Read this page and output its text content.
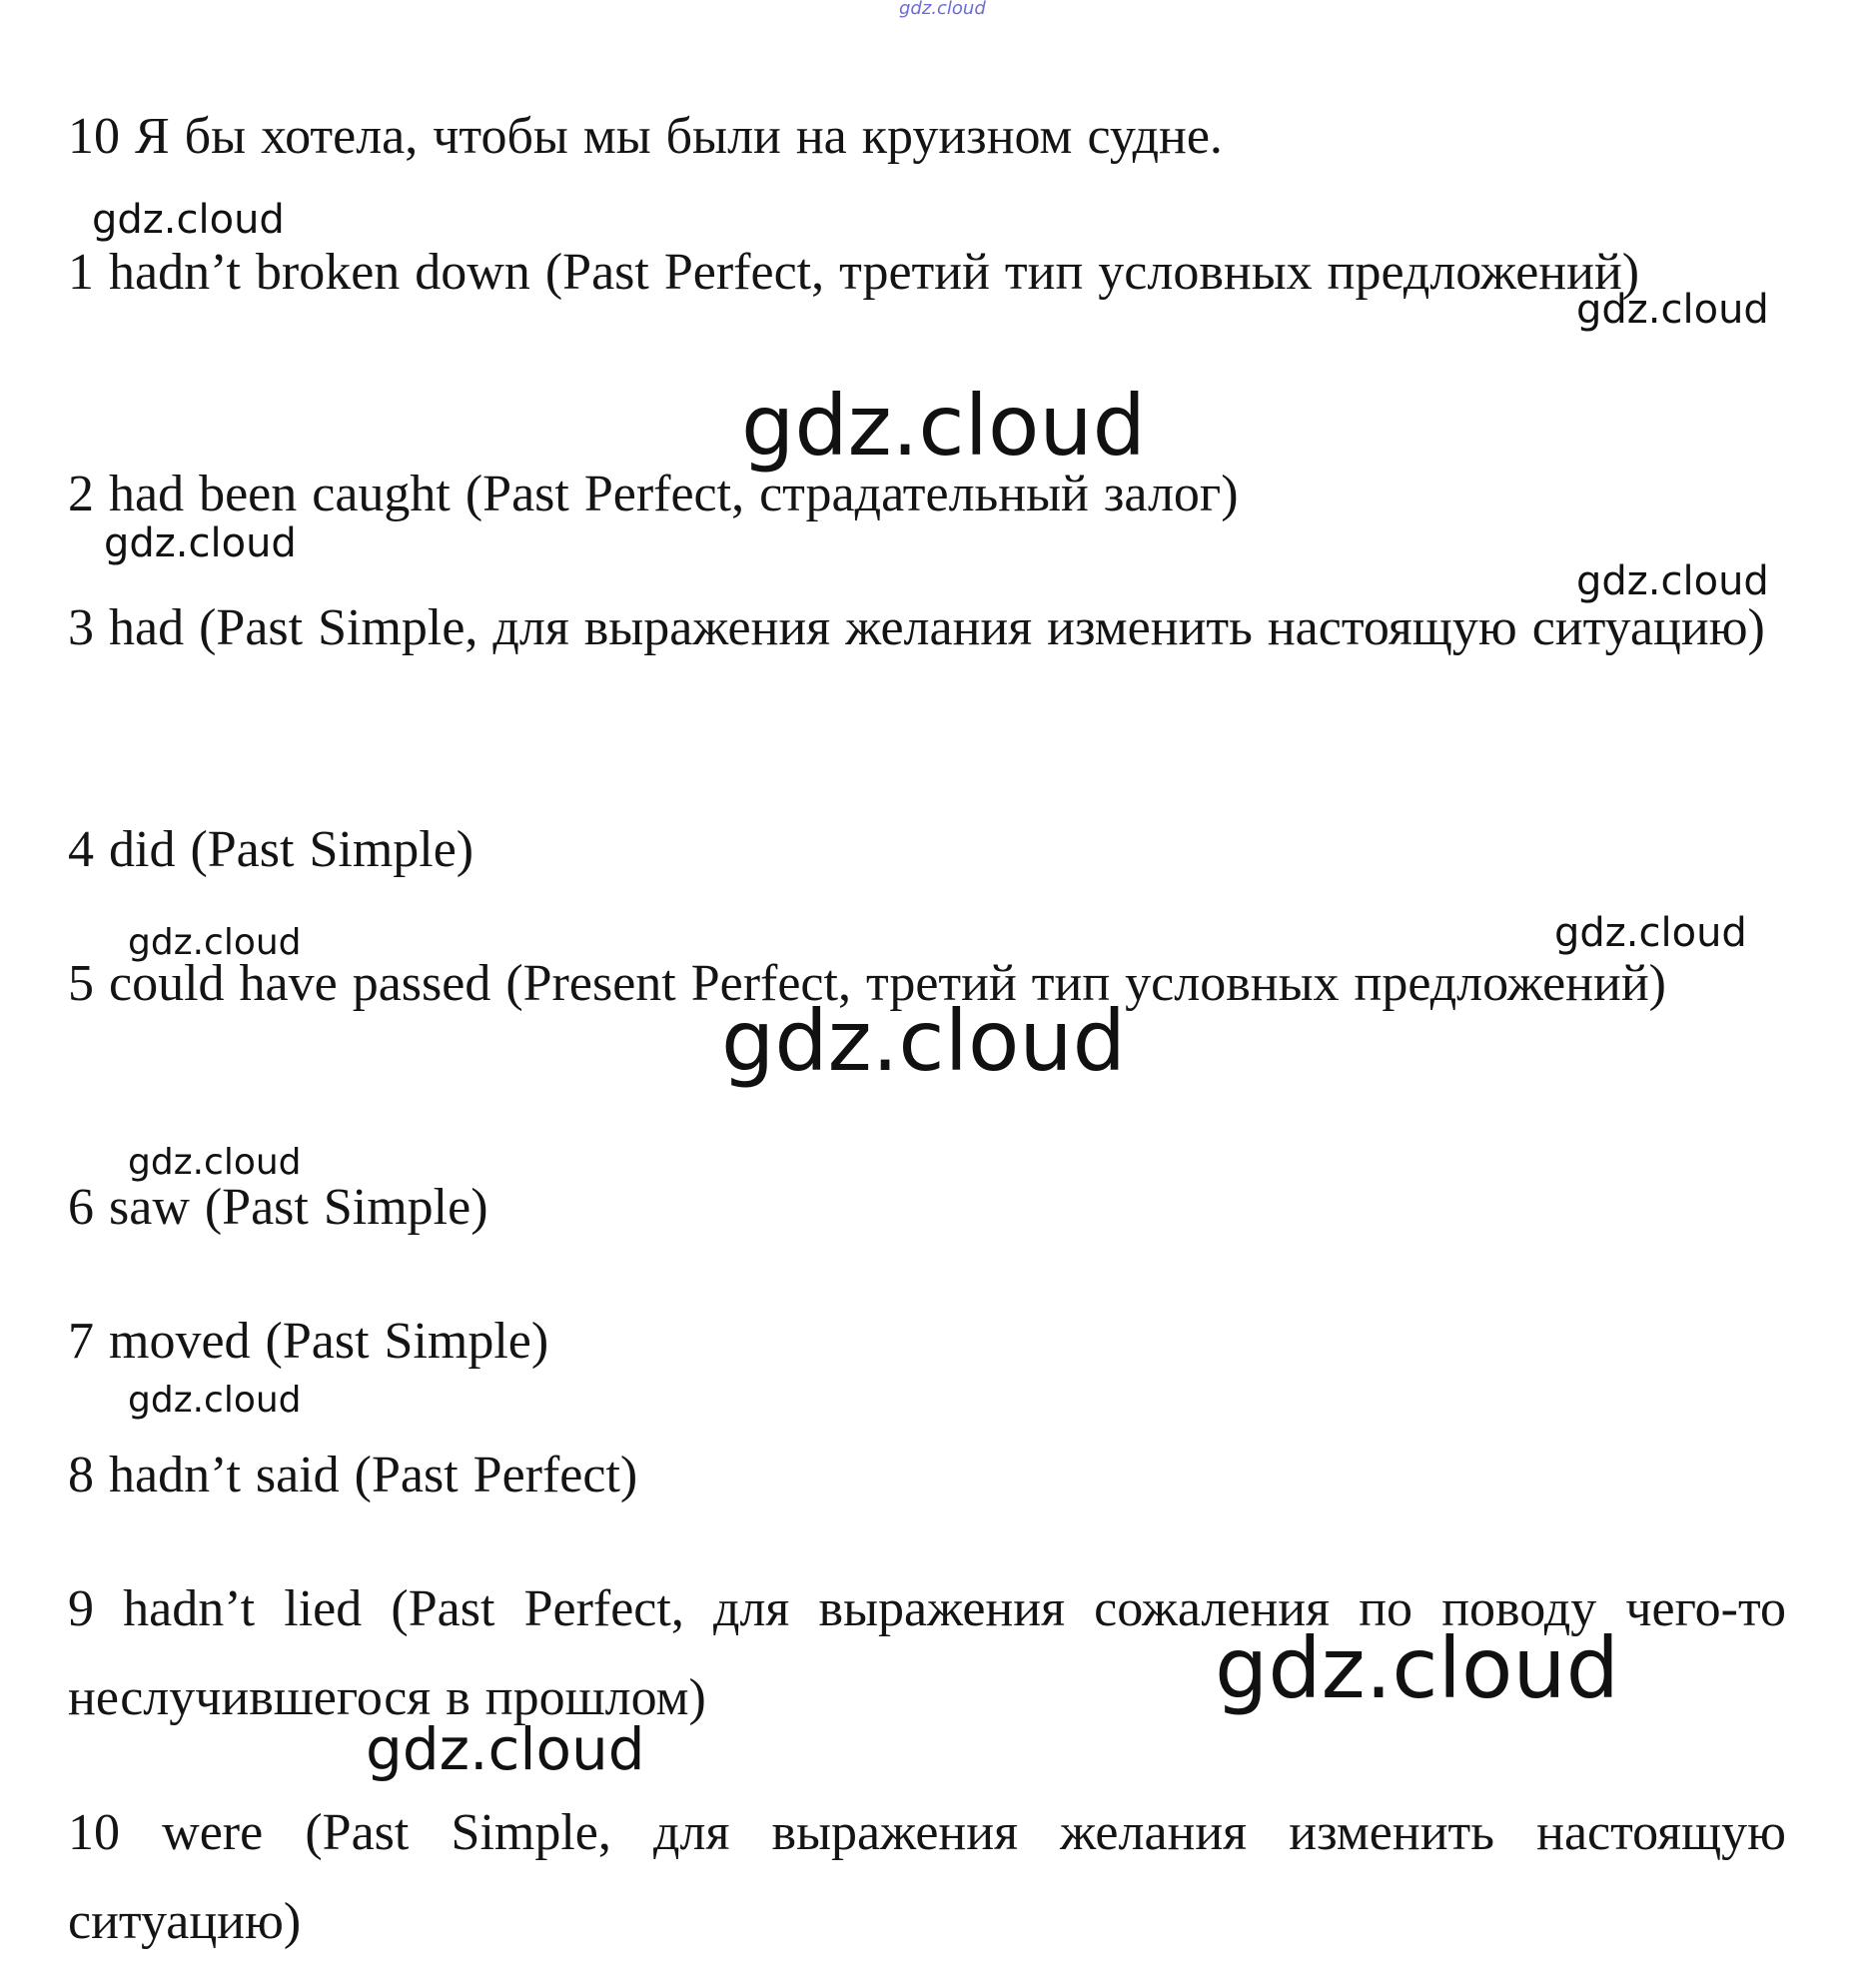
gdz.cloud

10 Я бы хотела, чтобы мы были на круизном судне.

1 hadn’t broken down (Past Perfect, третий тип условных предложений)

2 had been caught (Past Perfect, страдательный залог)

3 had (Past Simple, для выражения желания изменить настоящую ситуацию)

4 did (Past Simple)

5 could have passed (Present Perfect, третий тип условных предложений)

6 saw (Past Simple)

7 moved (Past Simple)

8 hadn’t said (Past Perfect)

9 hadn’t lied (Past Perfect, для выражения сожаления по поводу чего-то неслучившегося в прошлом)

10 were (Past Simple, для выражения желания изменить настоящую ситуацию)

gdz.cloud
gdz.cloud
gdz.cloud
gdz.cloud
gdz.cloud
gdz.cloud	gdz.cloud
gdz.cloud
gdz.cloud
gdz.cloud
gdz.cloud
gdz.cloud
